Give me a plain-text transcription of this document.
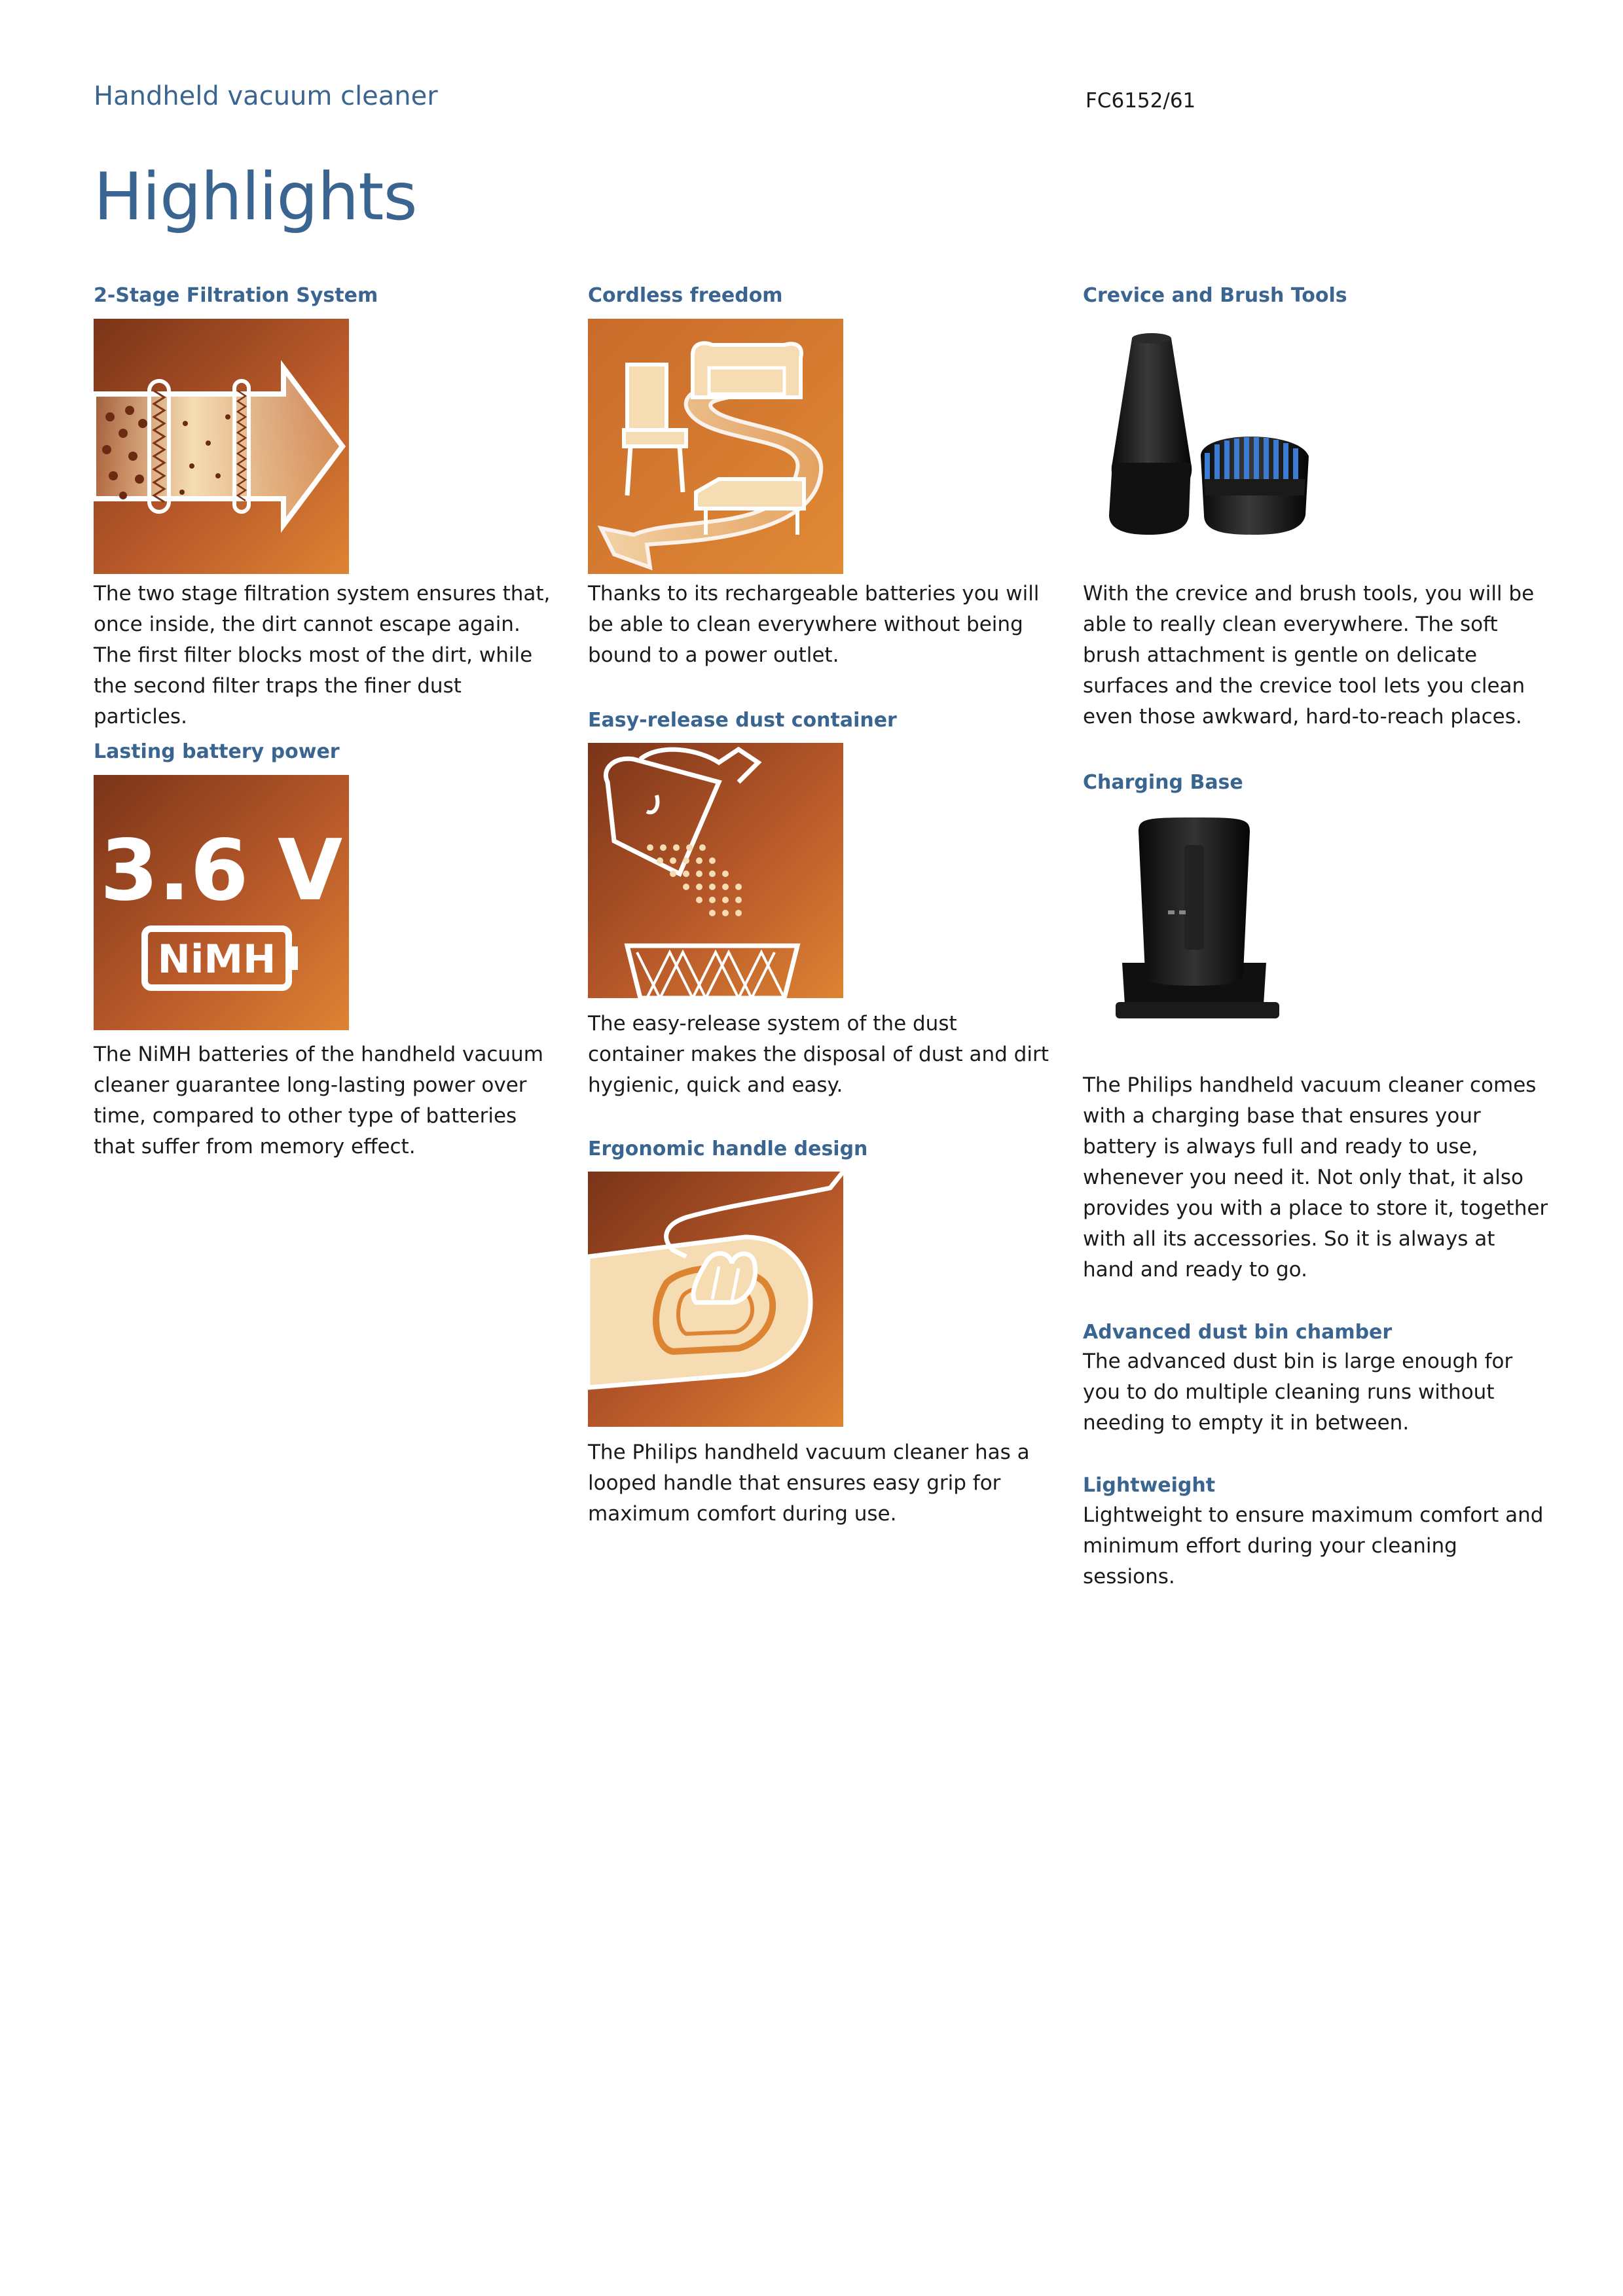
Handheld vacuum cleaner	FC6152/61
Highlights
2-Stage Filtration System
The two stage filtration system ensures that, once inside, the dirt cannot escape again. The first filter blocks most of the dirt, while the second filter traps the finer dust particles.
Lasting battery power
3.6 V
NiMH
The NiMH batteries of the handheld vacuum cleaner guarantee long-lasting power over time, compared to other type of batteries that suffer from memory effect.
Cordless freedom
Thanks to its rechargeable batteries you will be able to clean everywhere without being bound to a power outlet.
Easy-release dust container
The easy-release system of the dust container makes the disposal of dust and dirt hygienic, quick and easy.
Ergonomic handle design
The Philips handheld vacuum cleaner has a looped handle that ensures easy grip for maximum comfort during use.
Crevice and Brush Tools
With the crevice and brush tools, you will be able to really clean everywhere. The soft brush attachment is gentle on delicate surfaces and the crevice tool lets you clean even those awkward, hard-to-reach places.
Charging Base
The Philips handheld vacuum cleaner comes with a charging base that ensures your battery is always full and ready to use, whenever you need it. Not only that, it also provides you with a place to store it, together with all its accessories. So it is always at hand and ready to go.
Advanced dust bin chamber
The advanced dust bin is large enough for you to do multiple cleaning runs without needing to empty it in between.
Lightweight
Lightweight to ensure maximum comfort and minimum effort during your cleaning sessions.
